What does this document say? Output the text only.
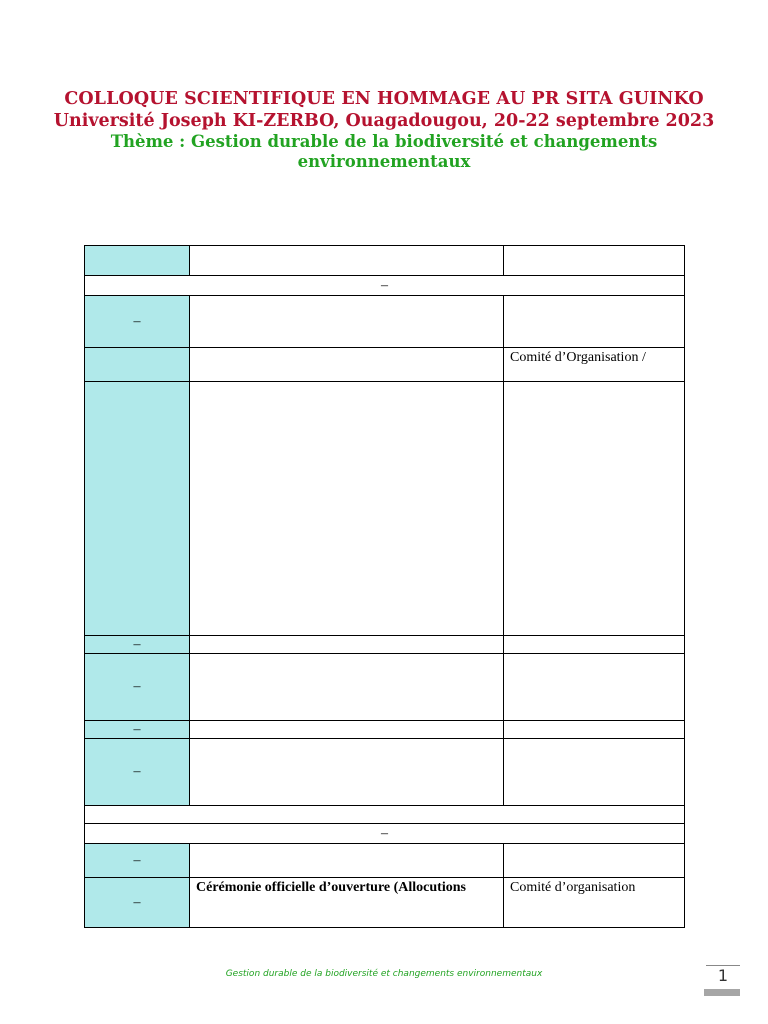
COLLOQUE SCIENTIFIQUE EN HOMMAGE AU PR SITA GUINKO
Université Joseph KI-ZERBO, Ouagadougou, 20-22 septembre 2023
Thème : Gestion durable de la biodiversité et changements environnementaux

–		
–		

		Comité d’Organisation /

–		
–		
–		
–		

–		
–		
–	Cérémonie officielle d’ouverture (Allocutions	Comité d’organisation
Gestion durable de la biodiversité et changements environnementaux	1
